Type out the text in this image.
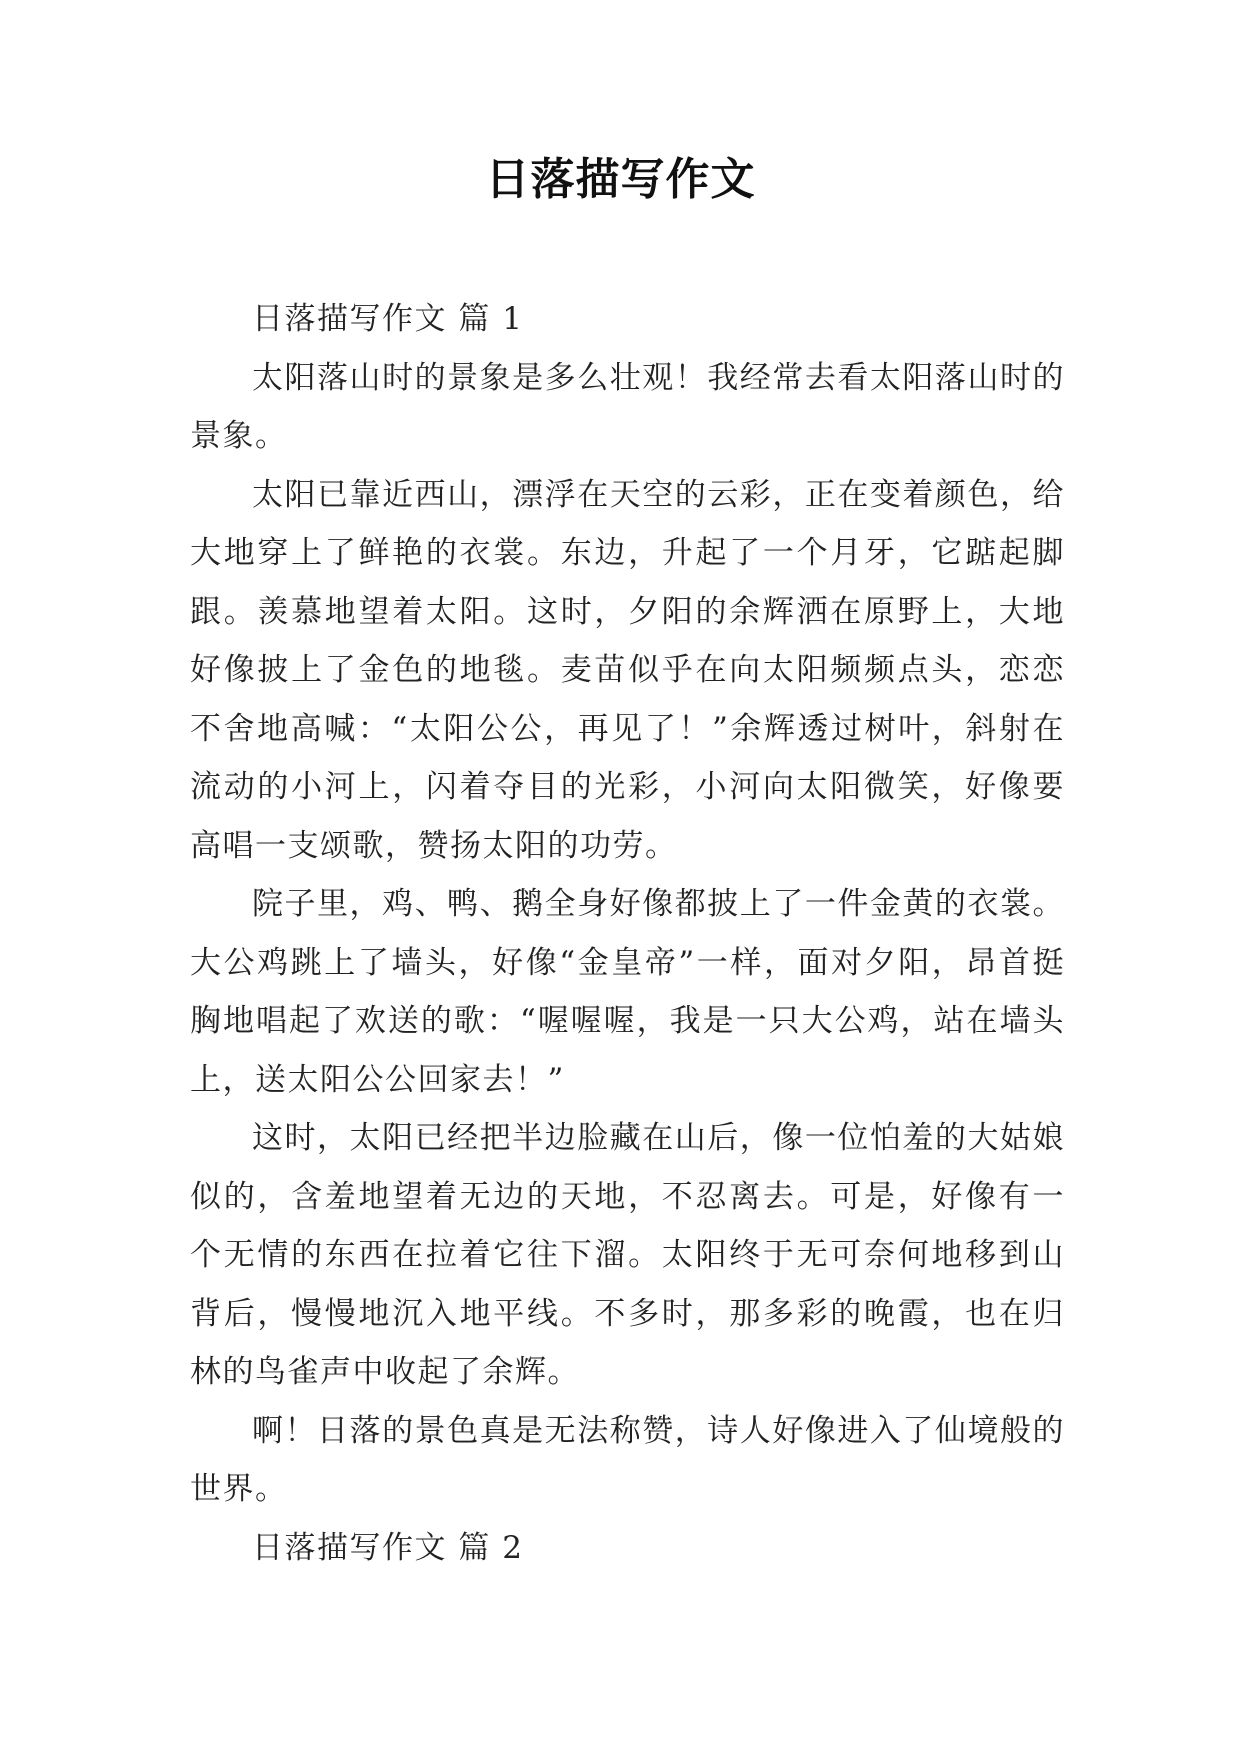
日落描写作文

日落描写作文 篇 1

太阳落山时的景象是多么壮观！我经常去看太阳落山时的景象。

太阳已靠近西山，漂浮在天空的云彩，正在变着颜色，给大地穿上了鲜艳的衣裳。东边，升起了一个月牙，它踮起脚跟。羡慕地望着太阳。这时，夕阳的余辉洒在原野上，大地好像披上了金色的地毯。麦苗似乎在向太阳频频点头，恋恋不舍地高喊：“太阳公公，再见了！”余辉透过树叶，斜射在流动的小河上，闪着夺目的光彩，小河向太阳微笑，好像要高唱一支颂歌，赞扬太阳的功劳。

院子里，鸡、鸭、鹅全身好像都披上了一件金黄的衣裳。大公鸡跳上了墙头，好像“金皇帝”一样，面对夕阳，昂首挺胸地唱起了欢送的歌：“喔喔喔，我是一只大公鸡，站在墙头上，送太阳公公回家去！”

这时，太阳已经把半边脸藏在山后，像一位怕羞的大姑娘似的，含羞地望着无边的天地，不忍离去。可是，好像有一个无情的东西在拉着它往下溜。太阳终于无可奈何地移到山背后，慢慢地沉入地平线。不多时，那多彩的晚霞，也在归林的鸟雀声中收起了余辉。

啊！日落的景色真是无法称赞，诗人好像进入了仙境般的世界。

日落描写作文 篇 2
